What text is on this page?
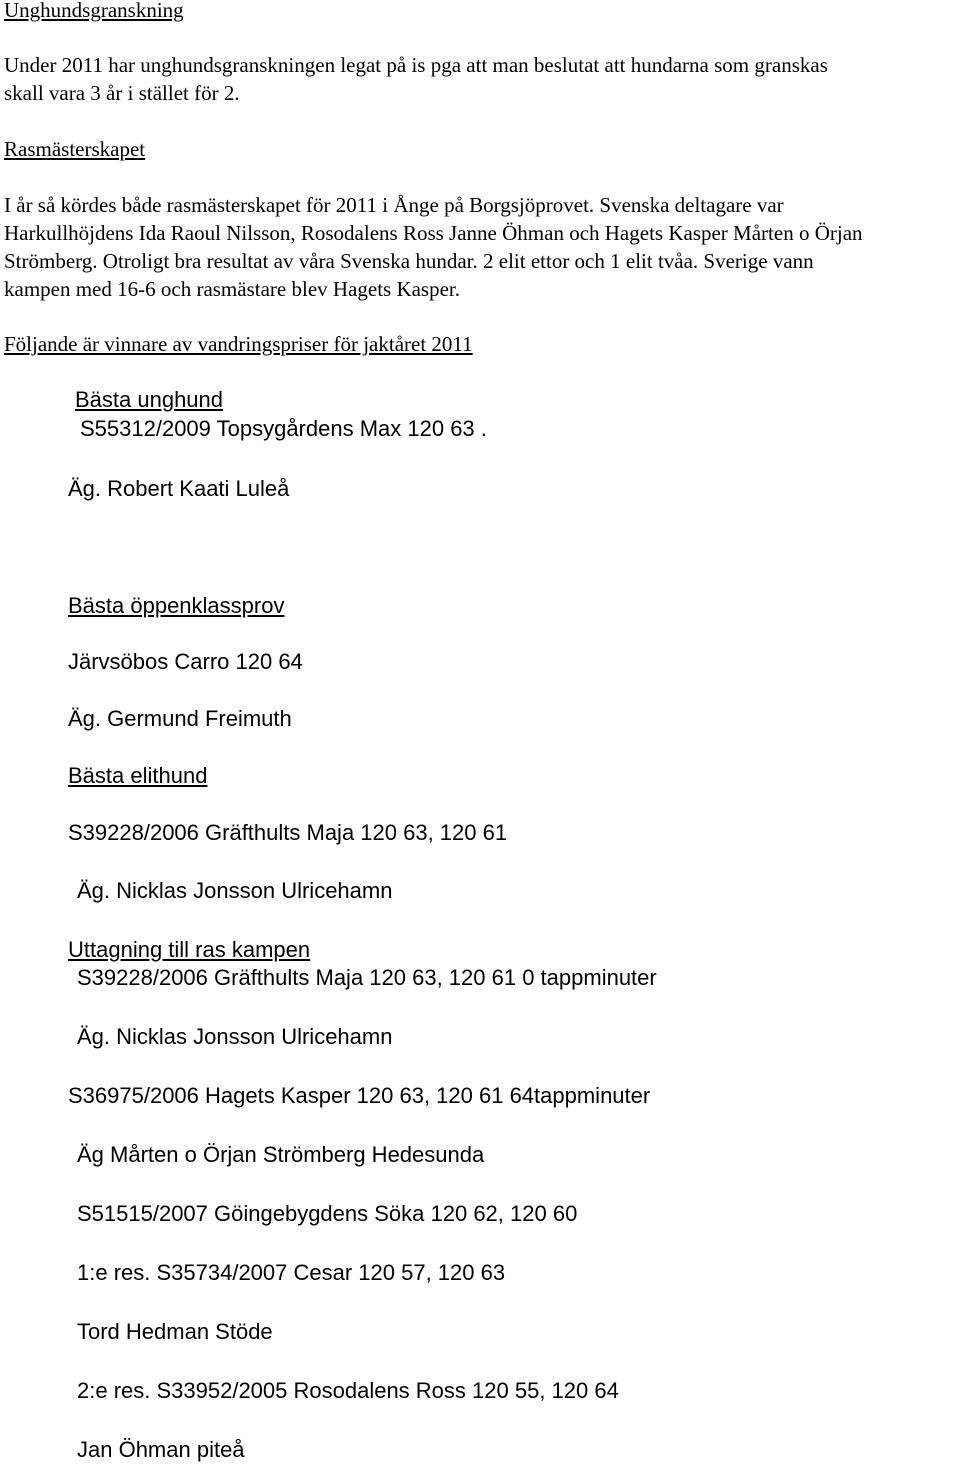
Unghundsgranskning

Under 2011 har unghundsgranskningen legat på is pga att man beslutat att hundarna som granskas
skall vara 3 år i stället för 2.

Rasmästerskapet

I år så kördes både rasmästerskapet för 2011 i Ånge på Borgsjöprovet. Svenska deltagare var
Harkullhöjdens Ida Raoul Nilsson, Rosodalens Ross Janne Öhman och Hagets Kasper Mårten o Örjan
Strömberg. Otroligt bra resultat av våra Svenska hundar. 2 elit ettor och 1 elit tvåa. Sverige vann
kampen med 16-6 och rasmästare blev Hagets Kasper.

Följande är vinnare av vandringspriser för jaktåret 2011

Bästa unghund

S55312/2009 Topsygårdens Max 120 63 .

Äg. Robert Kaati Luleå

Bästa öppenklassprov

Järvsöbos Carro 120 64

Äg. Germund Freimuth

Bästa elithund

S39228/2006 Gräfthults Maja 120 63, 120 61

Äg. Nicklas Jonsson Ulricehamn

Uttagning till ras kampen

S39228/2006 Gräfthults Maja 120 63, 120 61 0 tappminuter

Äg. Nicklas Jonsson Ulricehamn

S36975/2006 Hagets Kasper 120 63, 120 61 64tappminuter

Äg Mårten o Örjan Strömberg Hedesunda

S51515/2007 Göingebygdens Söka 120 62, 120 60

1:e res. S35734/2007 Cesar 120 57, 120 63

Tord Hedman Stöde

2:e res. S33952/2005 Rosodalens Ross 120 55, 120 64

Jan Öhman piteå
